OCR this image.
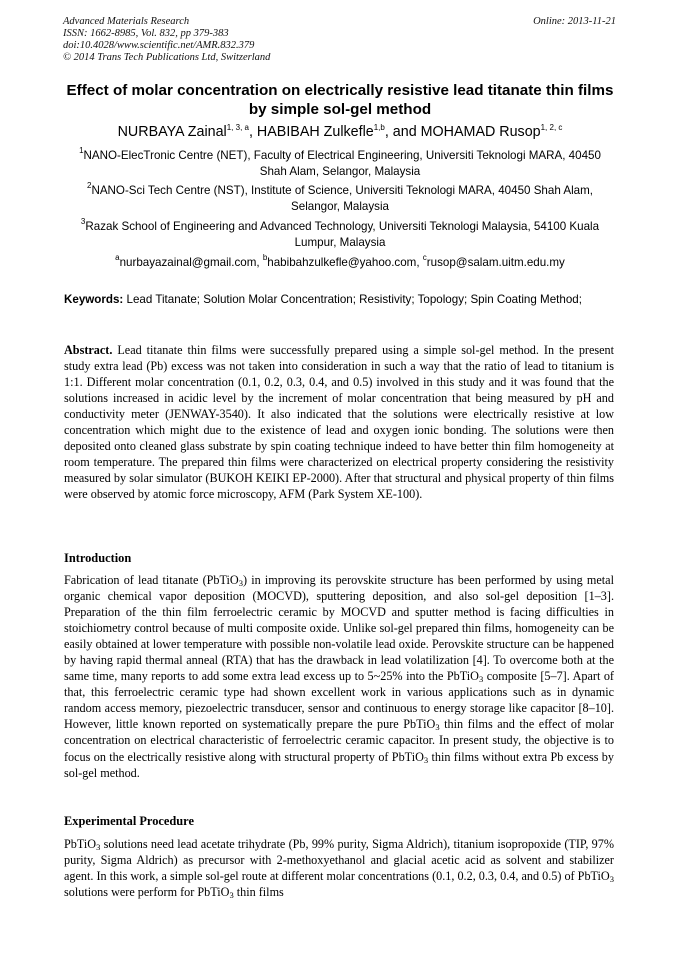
Advanced Materials Research
ISSN: 1662-8985, Vol. 832, pp 379-383
doi:10.4028/www.scientific.net/AMR.832.379
© 2014 Trans Tech Publications Ltd, Switzerland
Online: 2013-11-21
Effect of molar concentration on electrically resistive lead titanate thin films by simple sol-gel method
NURBAYA Zainal$^{1, 3, a}$, HABIBAH Zulkefle$^{1,b}$, and MOHAMAD Rusop$^{1, 2, c}$
$^1$NANO-ElecTronic Centre (NET), Faculty of Electrical Engineering, Universiti Teknologi MARA, 40450 Shah Alam, Selangor, Malaysia
$^2$NANO-Sci Tech Centre (NST), Institute of Science, Universiti Teknologi MARA, 40450 Shah Alam, Selangor, Malaysia
$^3$Razak School of Engineering and Advanced Technology, Universiti Teknologi Malaysia, 54100 Kuala Lumpur, Malaysia
$^a$nurbayazainal@gmail.com, $^b$habibahzulkefle@yahoo.com, $^c$rusop@salam.uitm.edu.my
Keywords: Lead Titanate; Solution Molar Concentration; Resistivity; Topology; Spin Coating Method;
Abstract. Lead titanate thin films were successfully prepared using a simple sol-gel method. In the present study extra lead (Pb) excess was not taken into consideration in such a way that the ratio of lead to titanium is 1:1. Different molar concentration (0.1, 0.2, 0.3, 0.4, and 0.5) involved in this study and it was found that the solutions increased in acidic level by the increment of molar concentration that being measured by pH and conductivity meter (JENWAY-3540). It also indicated that the solutions were electrically resistive at low concentration which might due to the existence of lead and oxygen ionic bonding. The solutions were then deposited onto cleaned glass substrate by spin coating technique indeed to have better thin film homogeneity at room temperature. The prepared thin films were characterized on electrical property considering the resistivity measured by solar simulator (BUKOH KEIKI EP-2000). After that structural and physical property of thin films were observed by atomic force microscopy, AFM (Park System XE-100).
Introduction
Fabrication of lead titanate (PbTiO$_3$) in improving its perovskite structure has been performed by using metal organic chemical vapor deposition (MOCVD), sputtering deposition, and also sol-gel deposition [1–3]. Preparation of the thin film ferroelectric ceramic by MOCVD and sputter method is facing difficulties in stoichiometry control because of multi composite oxide. Unlike sol-gel prepared thin films, homogeneity can be easily obtained at lower temperature with possible non-volatile lead oxide. Perovskite structure can be happened by having rapid thermal anneal (RTA) that has the drawback in lead volatilization [4]. To overcome both at the same time, many reports to add some extra lead excess up to 5~25% into the PbTiO$_3$ composite [5–7]. Apart of that, this ferroelectric ceramic type had shown excellent work in various applications such as in dynamic random access memory, piezoelectric transducer, sensor and continuous to energy storage like capacitor [8–10]. However, little known reported on systematically prepare the pure PbTiO$_3$ thin films and the effect of molar concentration on electrical characteristic of ferroelectric ceramic capacitor. In present study, the objective is to focus on the electrically resistive along with structural property of PbTiO$_3$ thin films without extra Pb excess by sol-gel method.
Experimental Procedure
PbTiO$_3$ solutions need lead acetate trihydrate (Pb, 99% purity, Sigma Aldrich), titanium isopropoxide (TIP, 97% purity, Sigma Aldrich) as precursor with 2-methoxyethanol and glacial acetic acid as solvent and stabilizer agent. In this work, a simple sol-gel route at different molar concentrations (0.1, 0.2, 0.3, 0.4, and 0.5) of PbTiO$_3$ solutions were perform for PbTiO$_3$ thin films
